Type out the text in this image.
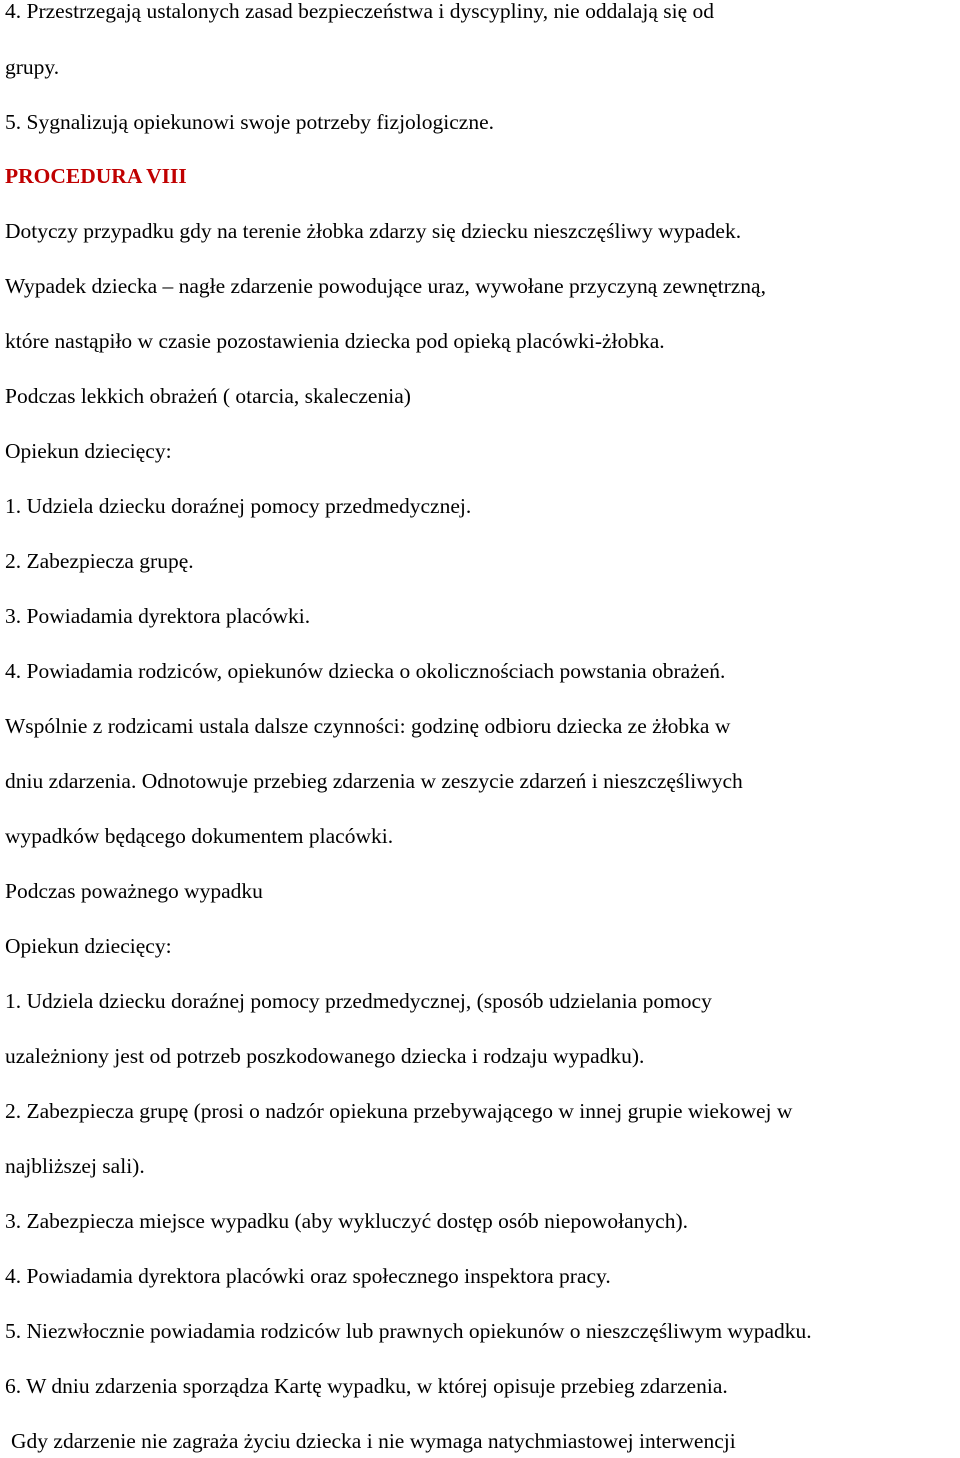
4. Przestrzegają ustalonych zasad bezpieczeństwa i dyscypliny, nie oddalają się od

grupy.

5. Sygnalizują opiekunowi swoje potrzeby fizjologiczne.

PROCEDURA VIII

Dotyczy przypadku gdy na terenie żłobka zdarzy się dziecku nieszczęśliwy wypadek.

Wypadek dziecka – nagłe zdarzenie powodujące uraz, wywołane przyczyną zewnętrzną,

które nastąpiło w czasie pozostawienia dziecka pod opieką placówki-żłobka.

Podczas lekkich obrażeń ( otarcia, skaleczenia)

Opiekun dziecięcy:

1. Udziela dziecku doraźnej pomocy przedmedycznej.

2. Zabezpiecza grupę.

3. Powiadamia dyrektora placówki.

4. Powiadamia rodziców, opiekunów dziecka o okolicznościach powstania obrażeń.

Wspólnie z rodzicami ustala dalsze czynności: godzinę odbioru dziecka ze żłobka w

dniu zdarzenia. Odnotowuje przebieg zdarzenia w zeszycie zdarzeń i nieszczęśliwych

wypadków będącego dokumentem placówki.

Podczas poważnego wypadku

Opiekun dziecięcy:

1. Udziela dziecku doraźnej pomocy przedmedycznej, (sposób udzielania pomocy

uzależniony jest od potrzeb poszkodowanego dziecka i rodzaju wypadku).

2. Zabezpiecza grupę (prosi o nadzór opiekuna przebywającego w innej grupie wiekowej w

najbliższej sali).

3. Zabezpiecza miejsce wypadku (aby wykluczyć dostęp osób niepowołanych).

4. Powiadamia dyrektora placówki oraz społecznego inspektora pracy.

5. Niezwłocznie powiadamia rodziców lub prawnych opiekunów o nieszczęśliwym wypadku.

6. W dniu zdarzenia sporządza Kartę wypadku, w której opisuje przebieg zdarzenia.

Gdy zdarzenie nie zagraża życiu dziecka i nie wymaga natychmiastowej interwencji
